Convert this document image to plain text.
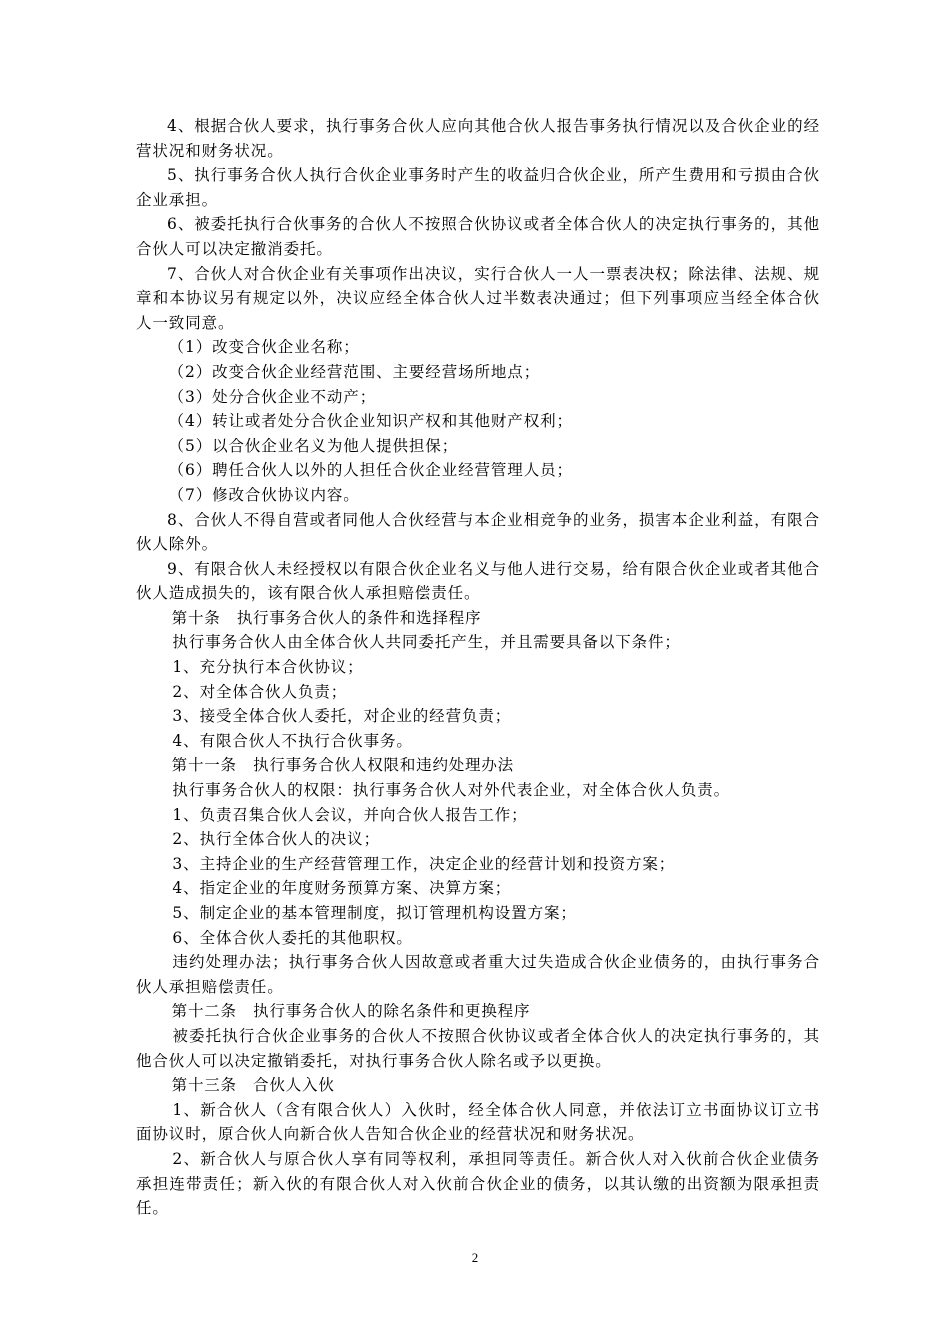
4、根据合伙人要求，执行事务合伙人应向其他合伙人报告事务执行情况以及合伙企业的经营状况和财务状况。

5、执行事务合伙人执行合伙企业事务时产生的收益归合伙企业，所产生费用和亏损由合伙企业承担。

6、被委托执行合伙事务的合伙人不按照合伙协议或者全体合伙人的决定执行事务的，其他合伙人可以决定撤消委托。

7、合伙人对合伙企业有关事项作出决议，实行合伙人一人一票表决权；除法律、法规、规章和本协议另有规定以外，决议应经全体合伙人过半数表决通过；但下列事项应当经全体合伙人一致同意。

（1）改变合伙企业名称；

（2）改变合伙企业经营范围、主要经营场所地点；

（3）处分合伙企业不动产；

（4）转让或者处分合伙企业知识产权和其他财产权利；

（5）以合伙企业名义为他人提供担保；

（6）聘任合伙人以外的人担任合伙企业经营管理人员；

（7）修改合伙协议内容。

8、合伙人不得自营或者同他人合伙经营与本企业相竞争的业务，损害本企业利益，有限合伙人除外。

9、有限合伙人未经授权以有限合伙企业名义与他人进行交易，给有限合伙企业或者其他合伙人造成损失的，该有限合伙人承担赔偿责任。

第十条　执行事务合伙人的条件和选择程序

执行事务合伙人由全体合伙人共同委托产生，并且需要具备以下条件；

1、充分执行本合伙协议；

2、对全体合伙人负责；

3、接受全体合伙人委托，对企业的经营负责；

4、有限合伙人不执行合伙事务。

第十一条　执行事务合伙人权限和违约处理办法

执行事务合伙人的权限：执行事务合伙人对外代表企业，对全体合伙人负责。

1、负责召集合伙人会议，并向合伙人报告工作；

2、执行全体合伙人的决议；

3、主持企业的生产经营管理工作，决定企业的经营计划和投资方案；

4、指定企业的年度财务预算方案、决算方案；

5、制定企业的基本管理制度，拟订管理机构设置方案；

6、全体合伙人委托的其他职权。

违约处理办法；执行事务合伙人因故意或者重大过失造成合伙企业债务的，由执行事务合伙人承担赔偿责任。

第十二条　执行事务合伙人的除名条件和更换程序

被委托执行合伙企业事务的合伙人不按照合伙协议或者全体合伙人的决定执行事务的，其他合伙人可以决定撤销委托，对执行事务合伙人除名或予以更换。

第十三条　合伙人入伙

1、新合伙人（含有限合伙人）入伙时，经全体合伙人同意，并依法订立书面协议订立书面协议时，原合伙人向新合伙人告知合伙企业的经营状况和财务状况。

2、新合伙人与原合伙人享有同等权利，承担同等责任。新合伙人对入伙前合伙企业债务承担连带责任；新入伙的有限合伙人对入伙前合伙企业的债务，以其认缴的出资额为限承担责任。

2
